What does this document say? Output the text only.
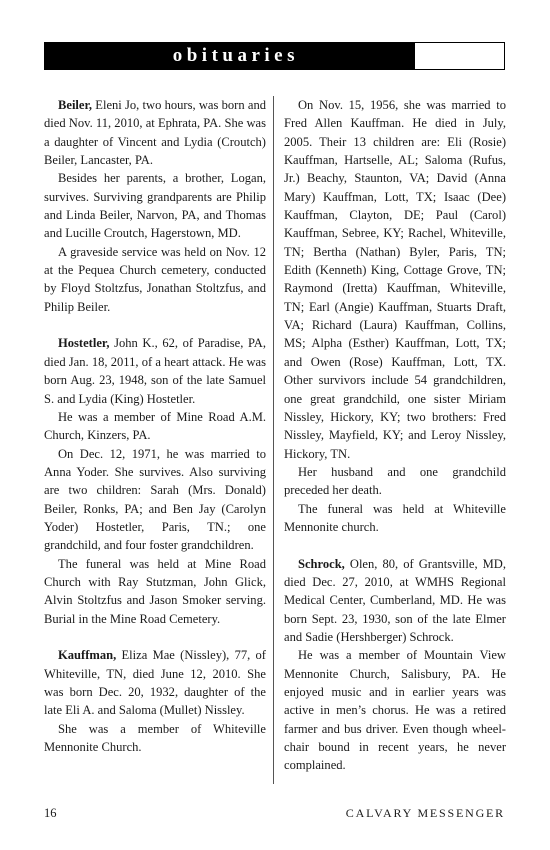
obituaries

Beiler, Eleni Jo, two hours, was born and died Nov. 11, 2010, at Ephrata, PA. She was a daughter of Vincent and Lydia (Croutch) Beiler, Lancaster, PA.

Besides her parents, a brother, Logan, survives. Surviving grandparents are Philip and Linda Beiler, Narvon, PA, and Thomas and Lucille Croutch, Hagerstown, MD.

A graveside service was held on Nov. 12 at the Pequea Church cemetery, conducted by Floyd Stoltzfus, Jonathan Stoltzfus, and Philip Beiler.

Hostetler, John K., 62, of Paradise, PA, died Jan. 18, 2011, of a heart attack. He was born Aug. 23, 1948, son of the late Samuel S. and Lydia (King) Hostetler.

He was a member of Mine Road A.M. Church, Kinzers, PA.

On Dec. 12, 1971, he was married to Anna Yoder. She survives. Also surviving are two children: Sarah (Mrs. Donald) Beiler, Ronks, PA; and Ben Jay (Carolyn Yoder) Hostetler, Paris, TN.; one grandchild, and four foster grandchildren.

The funeral was held at Mine Road Church with Ray Stutzman, John Glick, Alvin Stoltzfus and Jason Smoker serving. Burial in the Mine Road Cemetery.

Kauffman, Eliza Mae (Nissley), 77, of Whiteville, TN, died June 12, 2010. She was born Dec. 20, 1932, daughter of the late Eli A. and Saloma (Mullet) Nissley.

She was a member of Whiteville Mennonite Church.

On Nov. 15, 1956, she was married to Fred Allen Kauffman. He died in July, 2005. Their 13 children are: Eli (Rosie) Kauffman, Hartselle, AL; Saloma (Rufus, Jr.) Beachy, Staunton, VA; David (Anna Mary) Kauffman, Lott, TX; Isaac (Dee) Kauffman, Clayton, DE; Paul (Carol) Kauffman, Sebree, KY; Rachel, Whiteville, TN; Bertha (Nathan) Byler, Paris, TN; Edith (Kenneth) King, Cottage Grove, TN; Raymond (Iretta) Kauffman, Whiteville, TN; Earl (Angie) Kauffman, Stuarts Draft, VA; Richard (Laura) Kauffman, Collins, MS; Alpha (Esther) Kauffman, Lott, TX; and Owen (Rose) Kauffman, Lott, TX. Other survivors include 54 grandchildren, one great grandchild, one sister Miriam Nissley, Hickory, KY; two brothers: Fred Nissley, Mayfield, KY; and Leroy Nissley, Hickory, TN.

Her husband and one grandchild preceded her death.

The funeral was held at Whiteville Mennonite church.

Schrock, Olen, 80, of Grantsville, MD, died Dec. 27, 2010, at WMHS Regional Medical Center, Cumberland, MD. He was born Sept. 23, 1930, son of the late Elmer and Sadie (Hershberger) Schrock.

He was a member of Mountain View Mennonite Church, Salisbury, PA. He enjoyed music and in earlier years was active in men’s chorus. He was a retired farmer and bus driver. Even though wheel-chair bound in recent years, he never complained.

16	CALVARY MESSENGER
